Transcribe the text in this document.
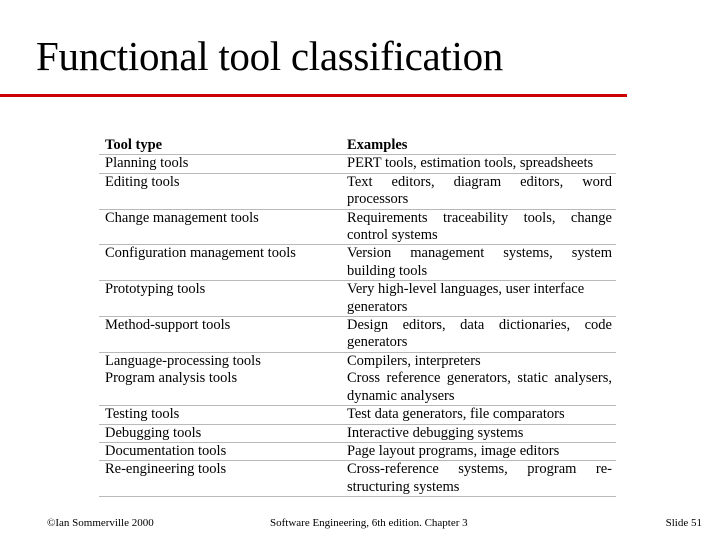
Functional tool classification
Tool type	Examples
Planning tools	PERT tools, estimation tools, spreadsheets
Editing tools	Text editors, diagram editors, word processors
Change management tools	Requirements traceability tools, change control systems
Configuration management tools	Version management systems, system building tools
Prototyping tools	Very high-level languages, user interface generators
Method-support tools	Design editors, data dictionaries, code generators
Language-processing tools	Compilers, interpreters
Program analysis tools	Cross reference generators, static analysers, dynamic analysers
Testing tools	Test data generators, file comparators
Debugging tools	Interactive debugging systems
Documentation tools	Page layout programs, image editors
Re-engineering tools	Cross-reference systems, program re-structuring systems
©Ian Sommerville 2000	Software Engineering, 6th edition. Chapter 3	Slide 51
